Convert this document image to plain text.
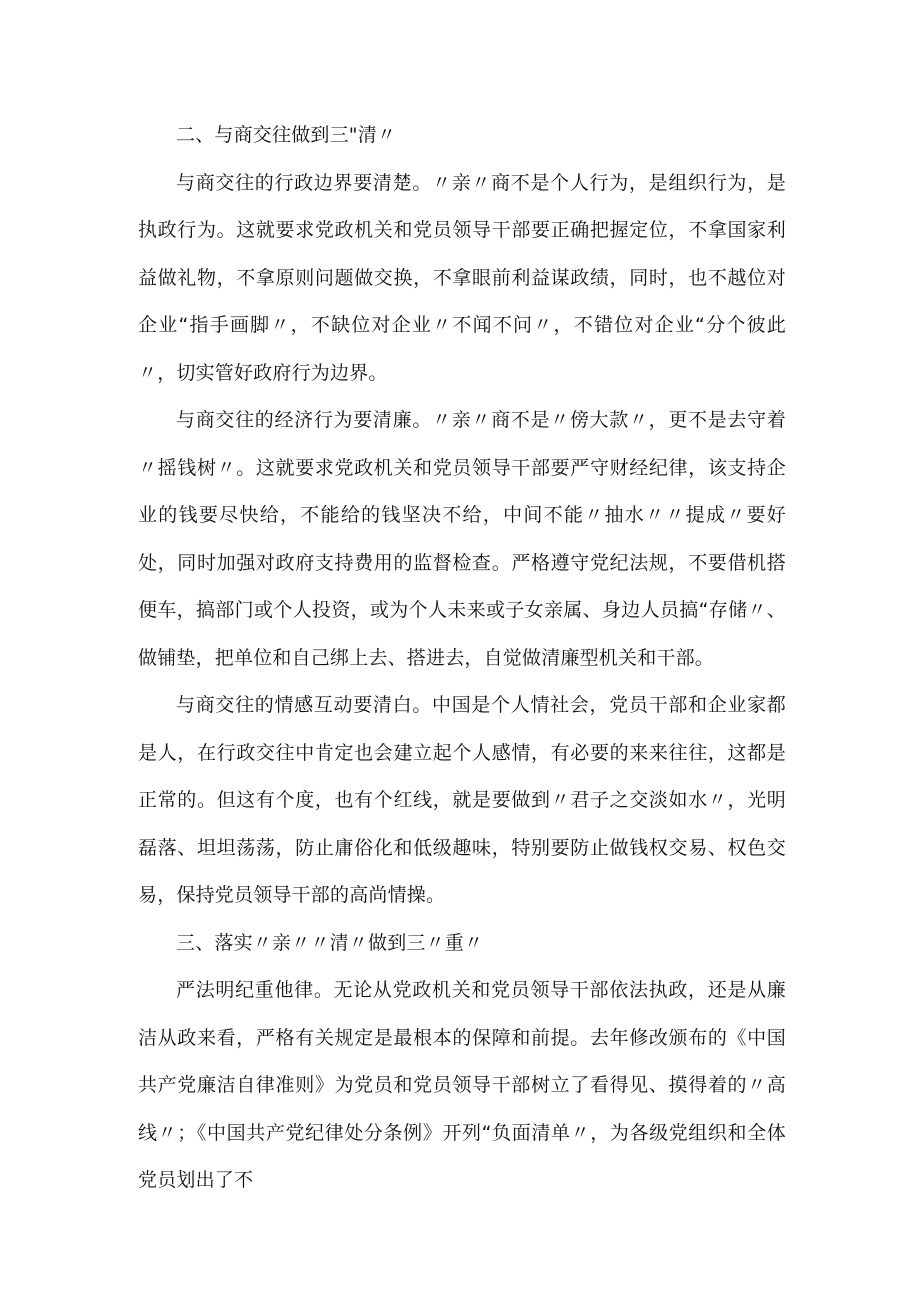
二、与商交往做到三"清〃

与商交往的行政边界要清楚。〃亲〃商不是个人行为，是组织行为，是执政行为。这就要求党政机关和党员领导干部要正确把握定位，不拿国家利益做礼物，不拿原则问题做交换，不拿眼前利益谋政绩，同时，也不越位对企业“指手画脚〃，不缺位对企业〃不闻不问〃，不错位对企业“分个彼此〃，切实管好政府行为边界。

与商交往的经济行为要清廉。〃亲〃商不是〃傍大款〃，更不是去守着〃摇钱树〃。这就要求党政机关和党员领导干部要严守财经纪律，该支持企业的钱要尽快给，不能给的钱坚决不给，中间不能〃抽水〃〃提成〃要好处，同时加强对政府支持费用的监督检查。严格遵守党纪法规，不要借机搭便车，搞部门或个人投资，或为个人未来或子女亲属、身边人员搞“存储〃、做铺垫，把单位和自己绑上去、搭进去，自觉做清廉型机关和干部。

与商交往的情感互动要清白。中国是个人情社会，党员干部和企业家都是人，在行政交往中肯定也会建立起个人感情，有必要的来来往往，这都是正常的。但这有个度，也有个红线，就是要做到〃君子之交淡如水〃，光明磊落、坦坦荡荡，防止庸俗化和低级趣味，特别要防止做钱权交易、权色交易，保持党员领导干部的高尚情操。

三、落实〃亲〃〃清〃做到三〃重〃

严法明纪重他律。无论从党政机关和党员领导干部依法执政，还是从廉洁从政来看，严格有关规定是最根本的保障和前提。去年修改颁布的《中国共产党廉洁自律准则》为党员和党员领导干部树立了看得见、摸得着的〃高线〃；《中国共产党纪律处分条例》开列“负面清单〃，为各级党组织和全体党员划出了不
